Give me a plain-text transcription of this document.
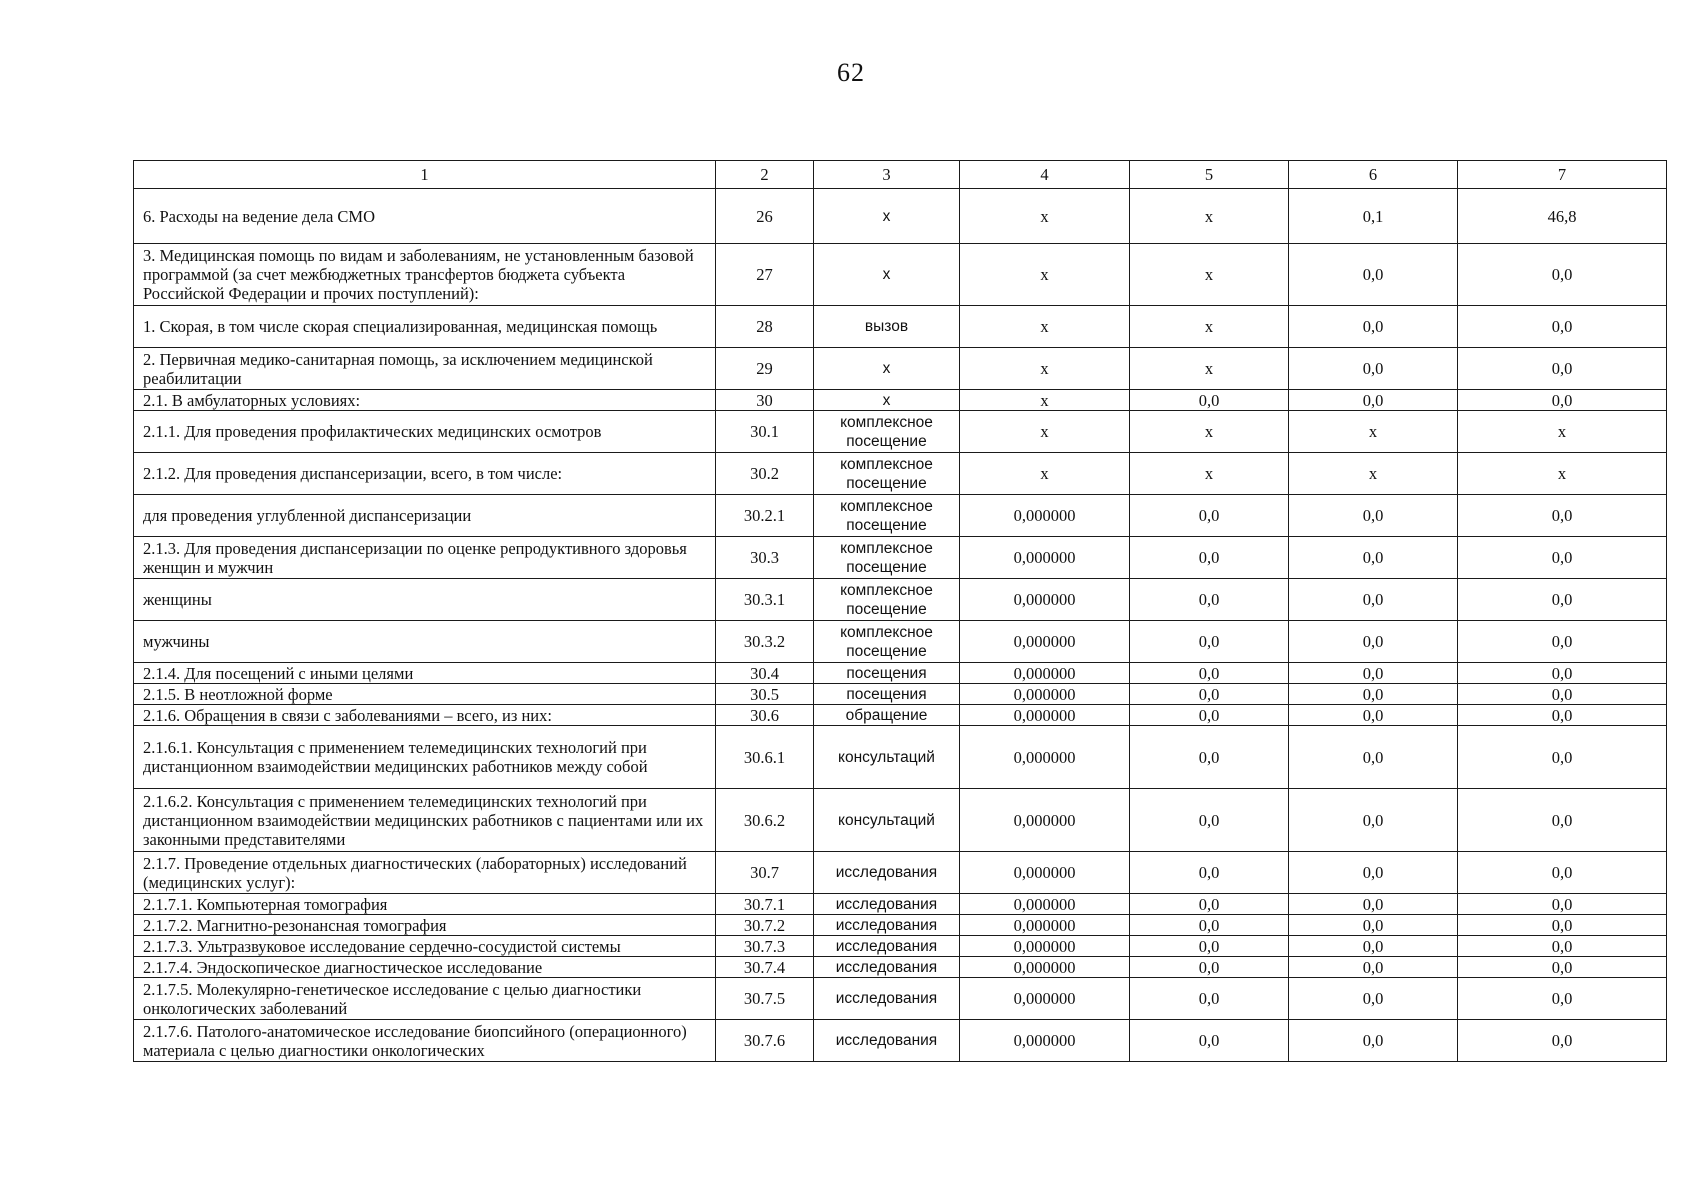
62
1	2	3	4	5	6	7
6. Расходы на ведение дела СМО	26	х	х	х	0,1	46,8
3. Медицинская помощь по видам и заболеваниям, не установленным базовой программой (за счет межбюджетных трансфертов бюджета субъекта Российской Федерации и прочих поступлений):	27	х	х	х	0,0	0,0
1. Скорая, в том числе скорая специализированная, медицинская помощь	28	вызов	х	х	0,0	0,0
2. Первичная медико-санитарная помощь, за исключением медицинской реабилитации	29	х	х	х	0,0	0,0
2.1. В амбулаторных условиях:	30	х	х	0,0	0,0	0,0
2.1.1. Для проведения профилактических медицинских осмотров	30.1	комплексное посещение	х	х	х	х
2.1.2. Для проведения диспансеризации, всего, в том числе:	30.2	комплексное посещение	х	х	х	х
для проведения углубленной диспансеризации	30.2.1	комплексное посещение	0,000000	0,0	0,0	0,0
2.1.3. Для проведения диспансеризации по оценке репродуктивного здоровья женщин и мужчин	30.3	комплексное посещение	0,000000	0,0	0,0	0,0
женщины	30.3.1	комплексное посещение	0,000000	0,0	0,0	0,0
мужчины	30.3.2	комплексное посещение	0,000000	0,0	0,0	0,0
2.1.4. Для посещений с иными целями	30.4	посещения	0,000000	0,0	0,0	0,0
2.1.5. В неотложной форме	30.5	посещения	0,000000	0,0	0,0	0,0
2.1.6. Обращения в связи с заболеваниями – всего, из них:	30.6	обращение	0,000000	0,0	0,0	0,0
2.1.6.1. Консультация с применением телемедицинских технологий при дистанционном взаимодействии медицинских работников между собой	30.6.1	консультаций	0,000000	0,0	0,0	0,0
2.1.6.2. Консультация с применением телемедицинских технологий при дистанционном взаимодействии медицинских работников с пациентами или их законными представителями	30.6.2	консультаций	0,000000	0,0	0,0	0,0
2.1.7. Проведение отдельных диагностических (лабораторных) исследований (медицинских услуг):	30.7	исследования	0,000000	0,0	0,0	0,0
2.1.7.1. Компьютерная томография	30.7.1	исследования	0,000000	0,0	0,0	0,0
2.1.7.2. Магнитно-резонансная томография	30.7.2	исследования	0,000000	0,0	0,0	0,0
2.1.7.3. Ультразвуковое исследование сердечно-сосудистой системы	30.7.3	исследования	0,000000	0,0	0,0	0,0
2.1.7.4. Эндоскопическое диагностическое исследование	30.7.4	исследования	0,000000	0,0	0,0	0,0
2.1.7.5. Молекулярно-генетическое исследование с целью диагностики онкологических заболеваний	30.7.5	исследования	0,000000	0,0	0,0	0,0
2.1.7.6. Патолого-анатомическое исследование биопсийного (операционного) материала с целью диагностики онкологических	30.7.6	исследования	0,000000	0,0	0,0	0,0
